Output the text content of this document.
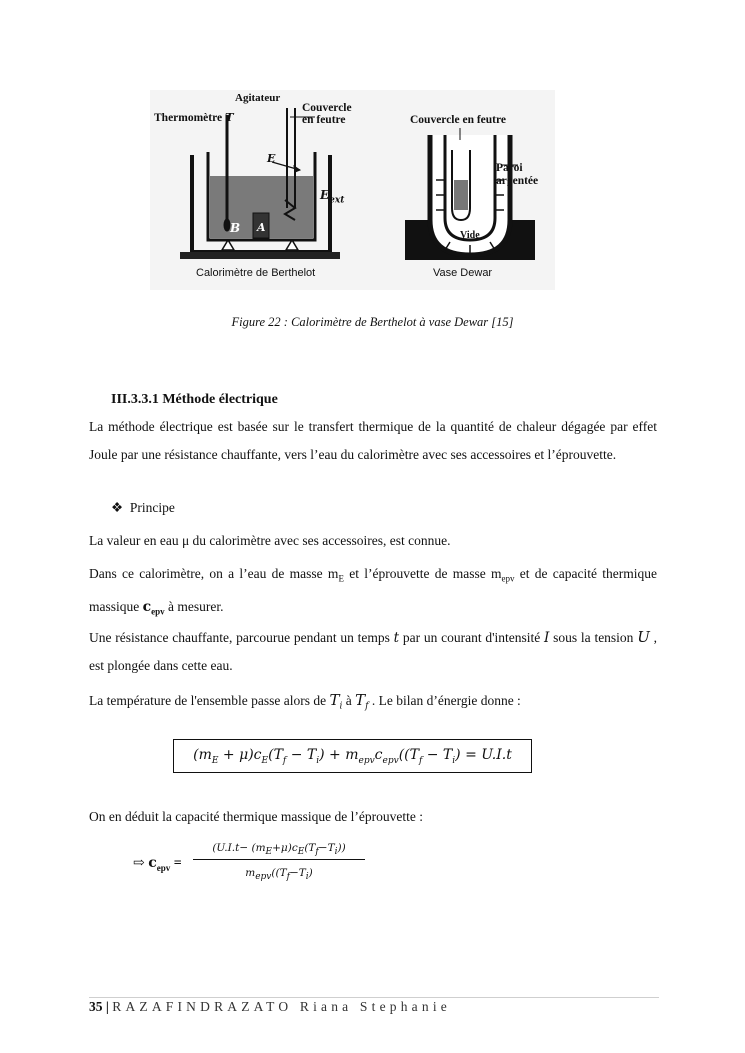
Agitateur
Thermomètre T
Couvercle
en feutre
E
$E_{ext}$
B A
Couvercle en feutre
Paroi
argentée
Vide
Calorimètre de Berthelot	Vase Dewar
Figure 22 : Calorimètre de Berthelot à vase Dewar [15]
III.3.3.1 Méthode électrique
La méthode électrique est basée sur le transfert thermique de la quantité de chaleur dégagée par effet Joule par une résistance chauffante, vers l’eau du calorimètre avec ses accessoires et l’éprouvette.
❖ Principe
La valeur en eau μ du calorimètre avec ses accessoires, est connue.
Dans ce calorimètre, on a l’eau de masse $m_E$ et l’éprouvette de masse $m_{epv}$ et de capacité thermique massique $c_{epv}$ à mesurer.
Une résistance chauffante, parcourue pendant un temps t par un courant d'intensité I sous la tension U , est plongée dans cette eau.
La température de l'ensemble passe alors de $T_i$ à $T_f$ . Le bilan d’énergie donne :
$(m_E + \mu)c_E(T_f - T_i) + m_{epv}c_{epv}((T_f - T_i) = U.I.t$
On en déduit la capacité thermique massique de l’éprouvette :
⇨ $c_{epv}$ =
$(U.I.t- (m_E+\mu)c_E(T_f-T_i))$
$m_{epv}((T_f-T_i)$
35 | RAZAFINDRAZATO Riana Stephanie
